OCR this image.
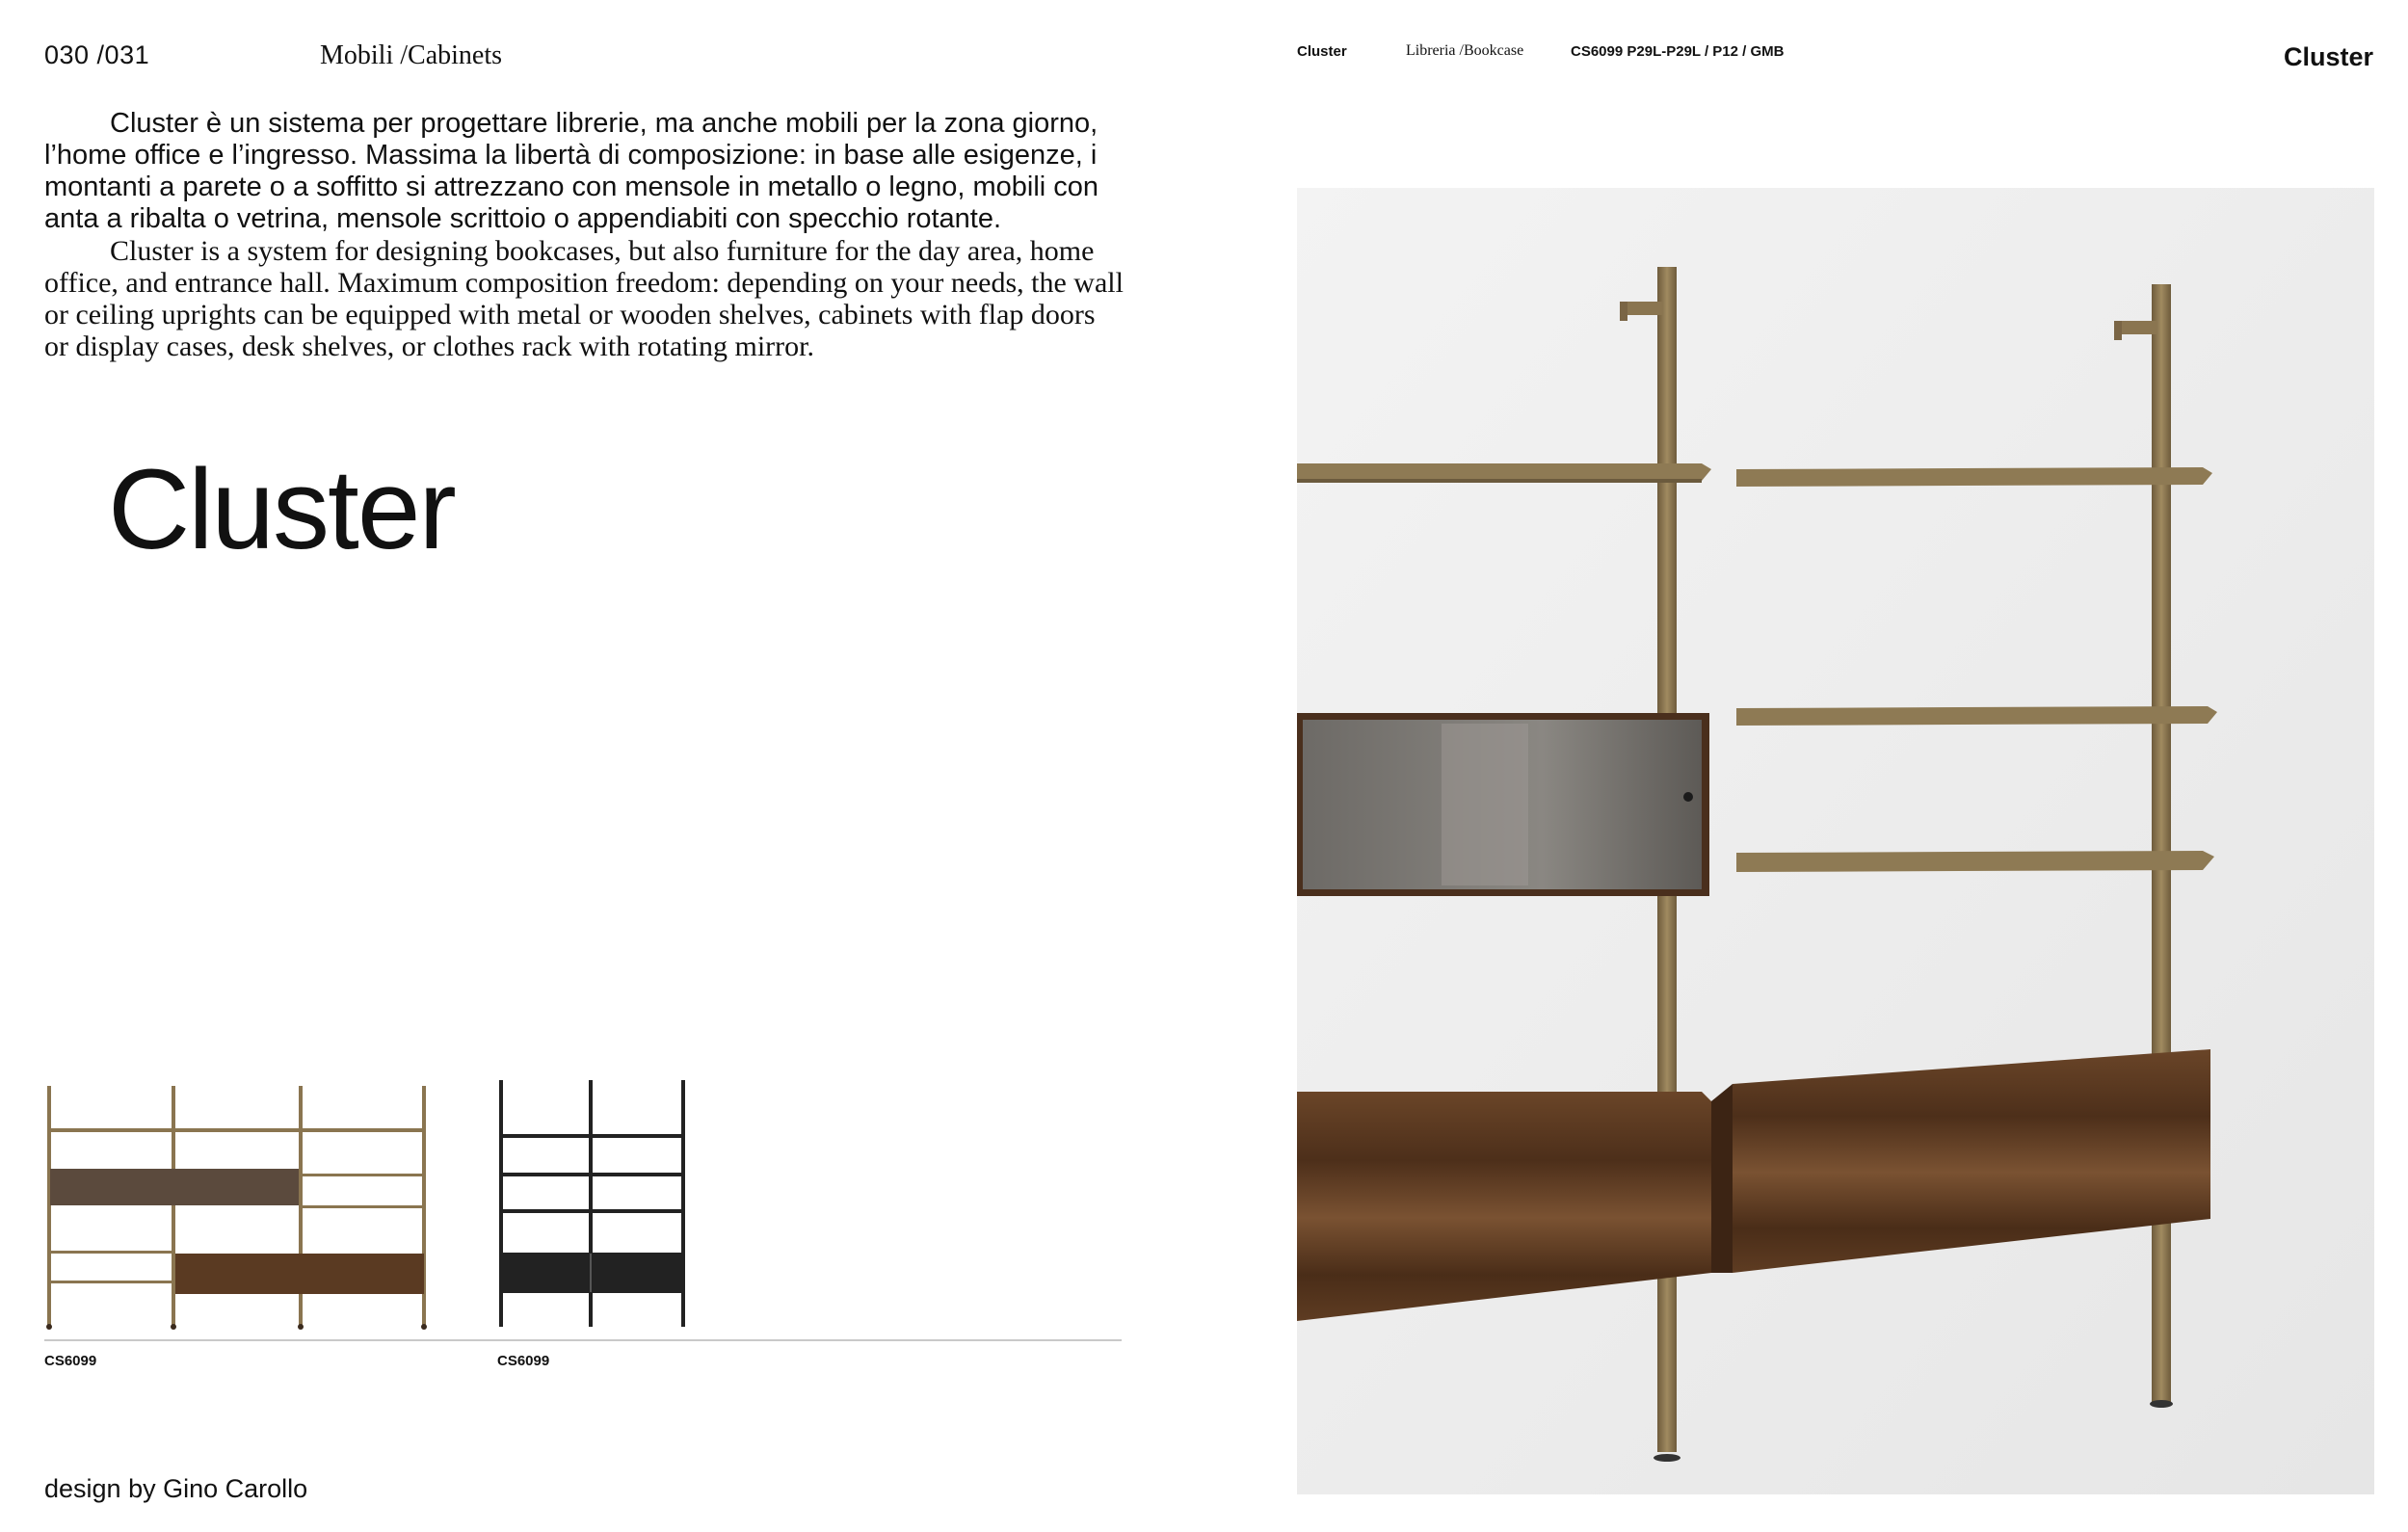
030 /031	Mobili /Cabinets

Cluster è un sistema per progettare librerie, ma anche mobili per la zona giorno, l’home office e l’ingresso. Massima la libertà di composizione: in base alle esigenze, i montanti a parete o a soffitto si attrezzano con mensole in metallo o legno, mobili con anta a ribalta o vetrina, mensole scrittoio o appendiabiti con specchio rotante.

Cluster is a system for designing bookcases, but also furniture for the day area, home office, and entrance hall. Maximum composition freedom: depending on your needs, the wall or ceiling uprights can be equipped with metal or wooden shelves, cabinets with flap doors or display cases, desk shelves, or clothes rack with rotating mirror.

Cluster
CS6099	CS6099
design by Gino Carollo
Cluster	Libreria /Bookcase	CS6099 P29L-P29L / P12 / GMB	Cluster
